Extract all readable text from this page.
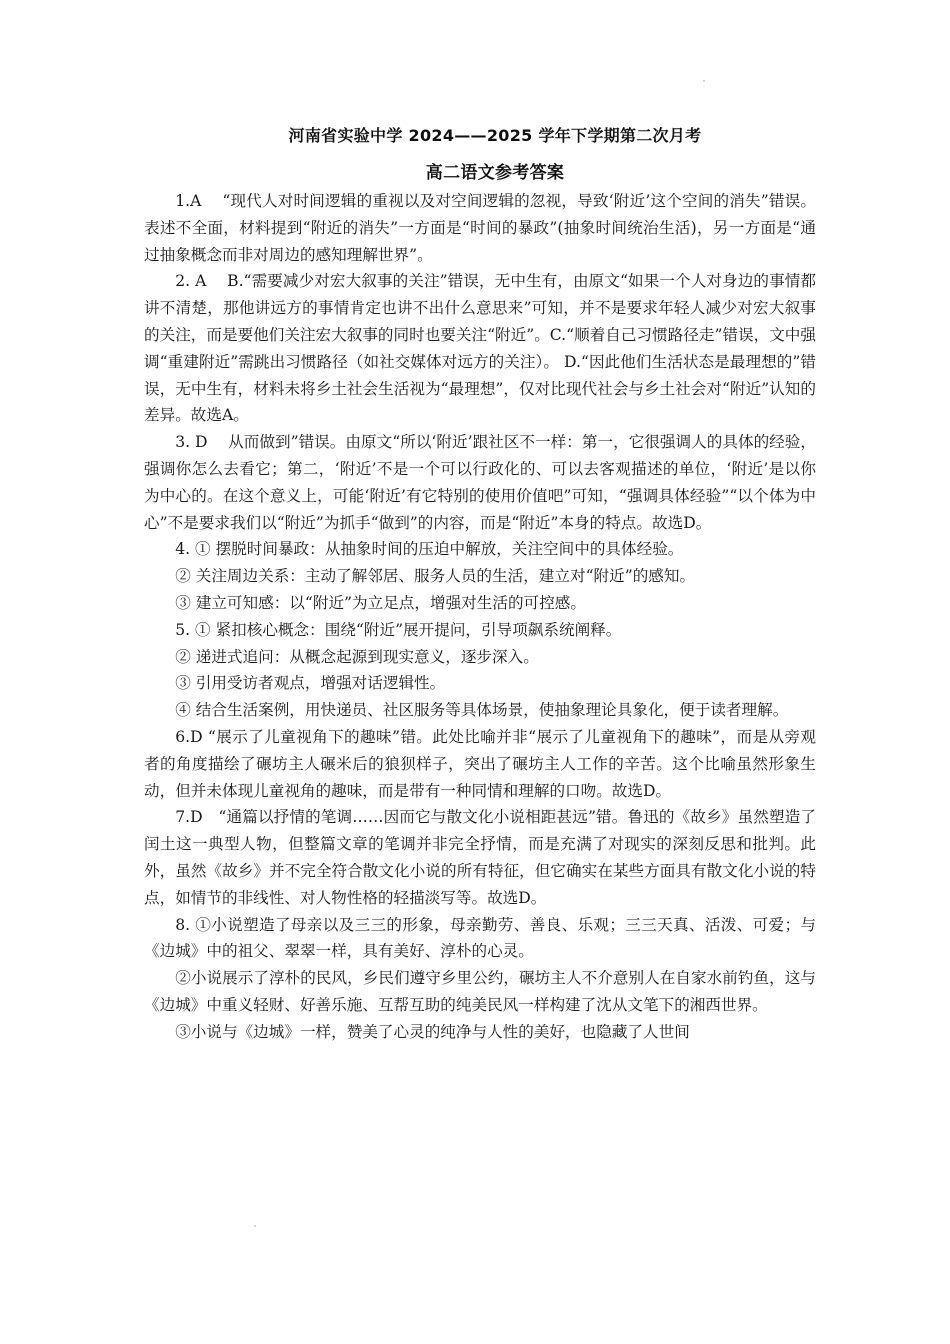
河南省实验中学 2024——2025 学年下学期第二次月考
高二语文参考答案

1.A　 “现代人对时间逻辑的重视以及对空间逻辑的忽视，导致‘附近’这个空间的消失”错误。表述不全面，材料提到“附近的消失”一方面是“时间的暴政”(抽象时间统治生活)，另一方面是“通过抽象概念而非对周边的感知理解世界”。

2. A　 B.“需要减少对宏大叙事的关注”错误，无中生有，由原文“如果一个人对身边的事情都讲不清楚，那他讲远方的事情肯定也讲不出什么意思来”可知，并不是要求年轻人减少对宏大叙事的关注，而是要他们关注宏大叙事的同时也要关注“附近”。C.“顺着自己习惯路径走”错误，文中强调“重建附近”需跳出习惯路径（如社交媒体对远方的关注）。 D.“因此他们生活状态是最理想的”错误，无中生有，材料未将乡土社会生活视为“最理想”，仅对比现代社会与乡土社会对“附近”认知的差异。故选A。

3. D　 从而做到”错误。由原文“所以‘附近’跟社区不一样：第一，它很强调人的具体的经验，强调你怎么去看它；第二，‘附近’不是一个可以行政化的、可以去客观描述的单位，‘附近’是以你为中心的。在这个意义上，可能‘附近’有它特别的使用价值吧”可知，“强调具体经验”“以个体为中心”不是要求我们以“附近”为抓手“做到”的内容，而是“附近”本身的特点。故选D。

4. ① 摆脱时间暴政：从抽象时间的压迫中解放，关注空间中的具体经验。

② 关注周边关系：主动了解邻居、服务人员的生活，建立对“附近”的感知。

③ 建立可知感：以“附近”为立足点，增强对生活的可控感。

5. ① 紧扣核心概念：围绕“附近”展开提问，引导项飙系统阐释。

② 递进式追问：从概念起源到现实意义，逐步深入。

③ 引用受访者观点，增强对话逻辑性。

④ 结合生活案例，用快递员、社区服务等具体场景，使抽象理论具象化，便于读者理解。

6.D “展示了儿童视角下的趣味”错。此处比喻并非“展示了儿童视角下的趣味”，而是从旁观者的角度描绘了碾坊主人碾米后的狼狈样子，突出了碾坊主人工作的辛苦。这个比喻虽然形象生动，但并未体现儿童视角的趣味，而是带有一种同情和理解的口吻。故选D。

7.D　“通篇以抒情的笔调……因而它与散文化小说相距甚远”错。鲁迅的《故乡》虽然塑造了闰土这一典型人物，但整篇文章的笔调并非完全抒情，而是充满了对现实的深刻反思和批判。此外，虽然《故乡》并不完全符合散文化小说的所有特征，但它确实在某些方面具有散文化小说的特点，如情节的非线性、对人物性格的轻描淡写等。故选D。

8. ①小说塑造了母亲以及三三的形象，母亲勤劳、善良、乐观；三三天真、活泼、可爱；与《边城》中的祖父、翠翠一样，具有美好、淳朴的心灵。

②小说展示了淳朴的民风，乡民们遵守乡里公约，碾坊主人不介意别人在自家水前钓鱼，这与《边城》中重义轻财、好善乐施、互帮互助的纯美民风一样构建了沈从文笔下的湘西世界。

③小说与《边城》一样，赞美了心灵的纯净与人性的美好，也隐藏了人世间
